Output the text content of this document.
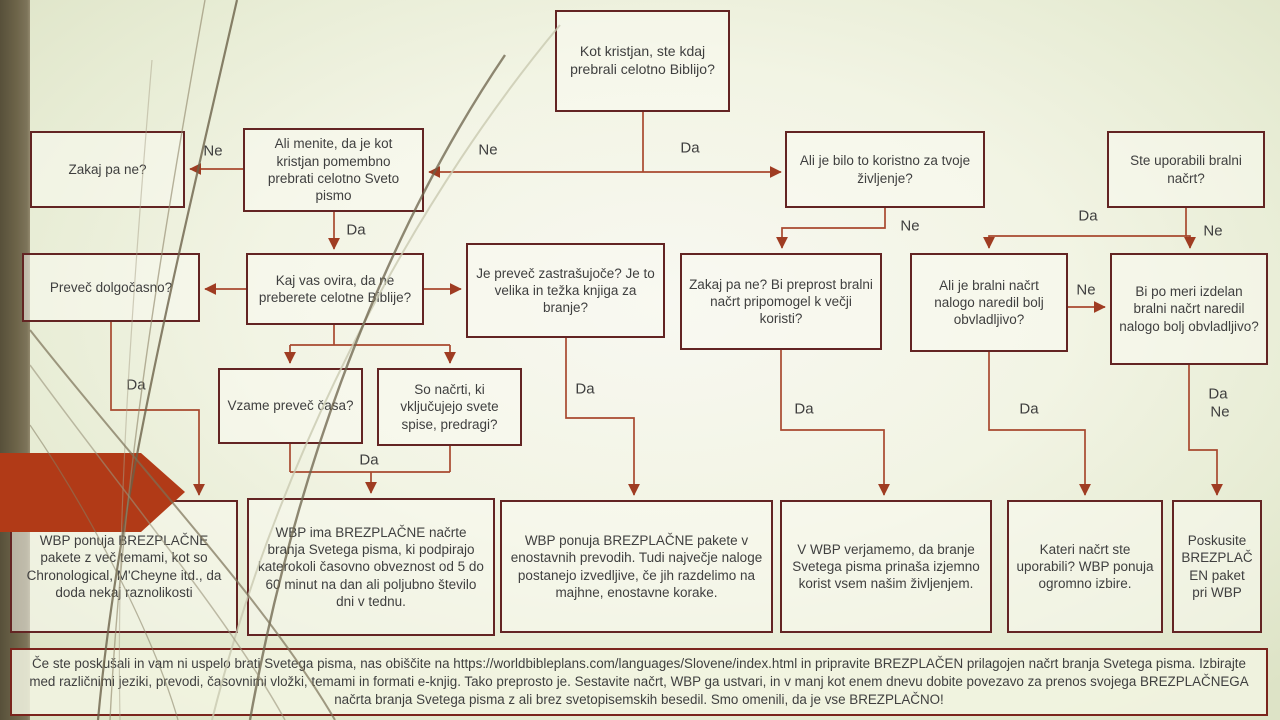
Kot kristjan, ste kdaj prebrali celotno Biblijo?
Zakaj pa ne?
Ali menite, da je kot kristjan pomembno prebrati celotno Sveto pismo
Ali je bilo to koristno za tvoje življenje?
Ste uporabili bralni načrt?
Preveč dolgočasno?	Kaj vas ovira, da ne preberete celotne Biblije?
Je preveč zastrašujoče? Je to velika in težka knjiga za branje?
Zakaj pa ne? Bi preprost bralni načrt pripomogel k večji koristi?
Ali je bralni načrt nalogo naredil bolj obvladljivo?
Bi po meri izdelan bralni načrt naredil nalogo bolj obvladljivo?
Vzame preveč časa?
So načrti, ki vključujejo svete spise, predragi?
WBP ponuja BREZPLAČNE pakete z več temami, kot so Chronological, M'Cheyne itd., da doda nekaj raznolikosti
WBP ima BREZPLAČNE načrte branja Svetega pisma, ki podpirajo katerokoli časovno obveznost od 5 do 60 minut na dan ali poljubno število dni v tednu.
WBP ponuja BREZPLAČNE pakete v enostavnih prevodih. Tudi največje naloge postanejo izvedljive, če jih razdelimo na majhne, enostavne korake.
V WBP verjamemo, da branje Svetega pisma prinaša izjemno korist vsem našim življenjem.
Kateri načrt ste uporabili? WBP ponuja ogromno izbire.
Poskusite BREZPLAČEN paket pri WBP
Ne	Da
Ne
Da
Da
Da
Da
Ne
Da
Ne
Ne
Da	Da
Da
Ne
Če ste poskušali in vam ni uspelo brati Svetega pisma, nas obiščite na https://worldbibleplans.com/languages/Slovene/index.html in pripravite BREZPLAČEN prilagojen načrt branja Svetega pisma. Izbirajte med različnimi jeziki, prevodi, časovnimi vložki, temami in formati e-knjig. Tako preprosto je. Sestavite načrt, WBP ga ustvari, in v manj kot enem dnevu dobite povezavo za prenos svojega BREZPLAČNEGA načrta branja Svetega pisma z ali brez svetopisemskih besedil. Smo omenili, da je vse BREZPLAČNO!
